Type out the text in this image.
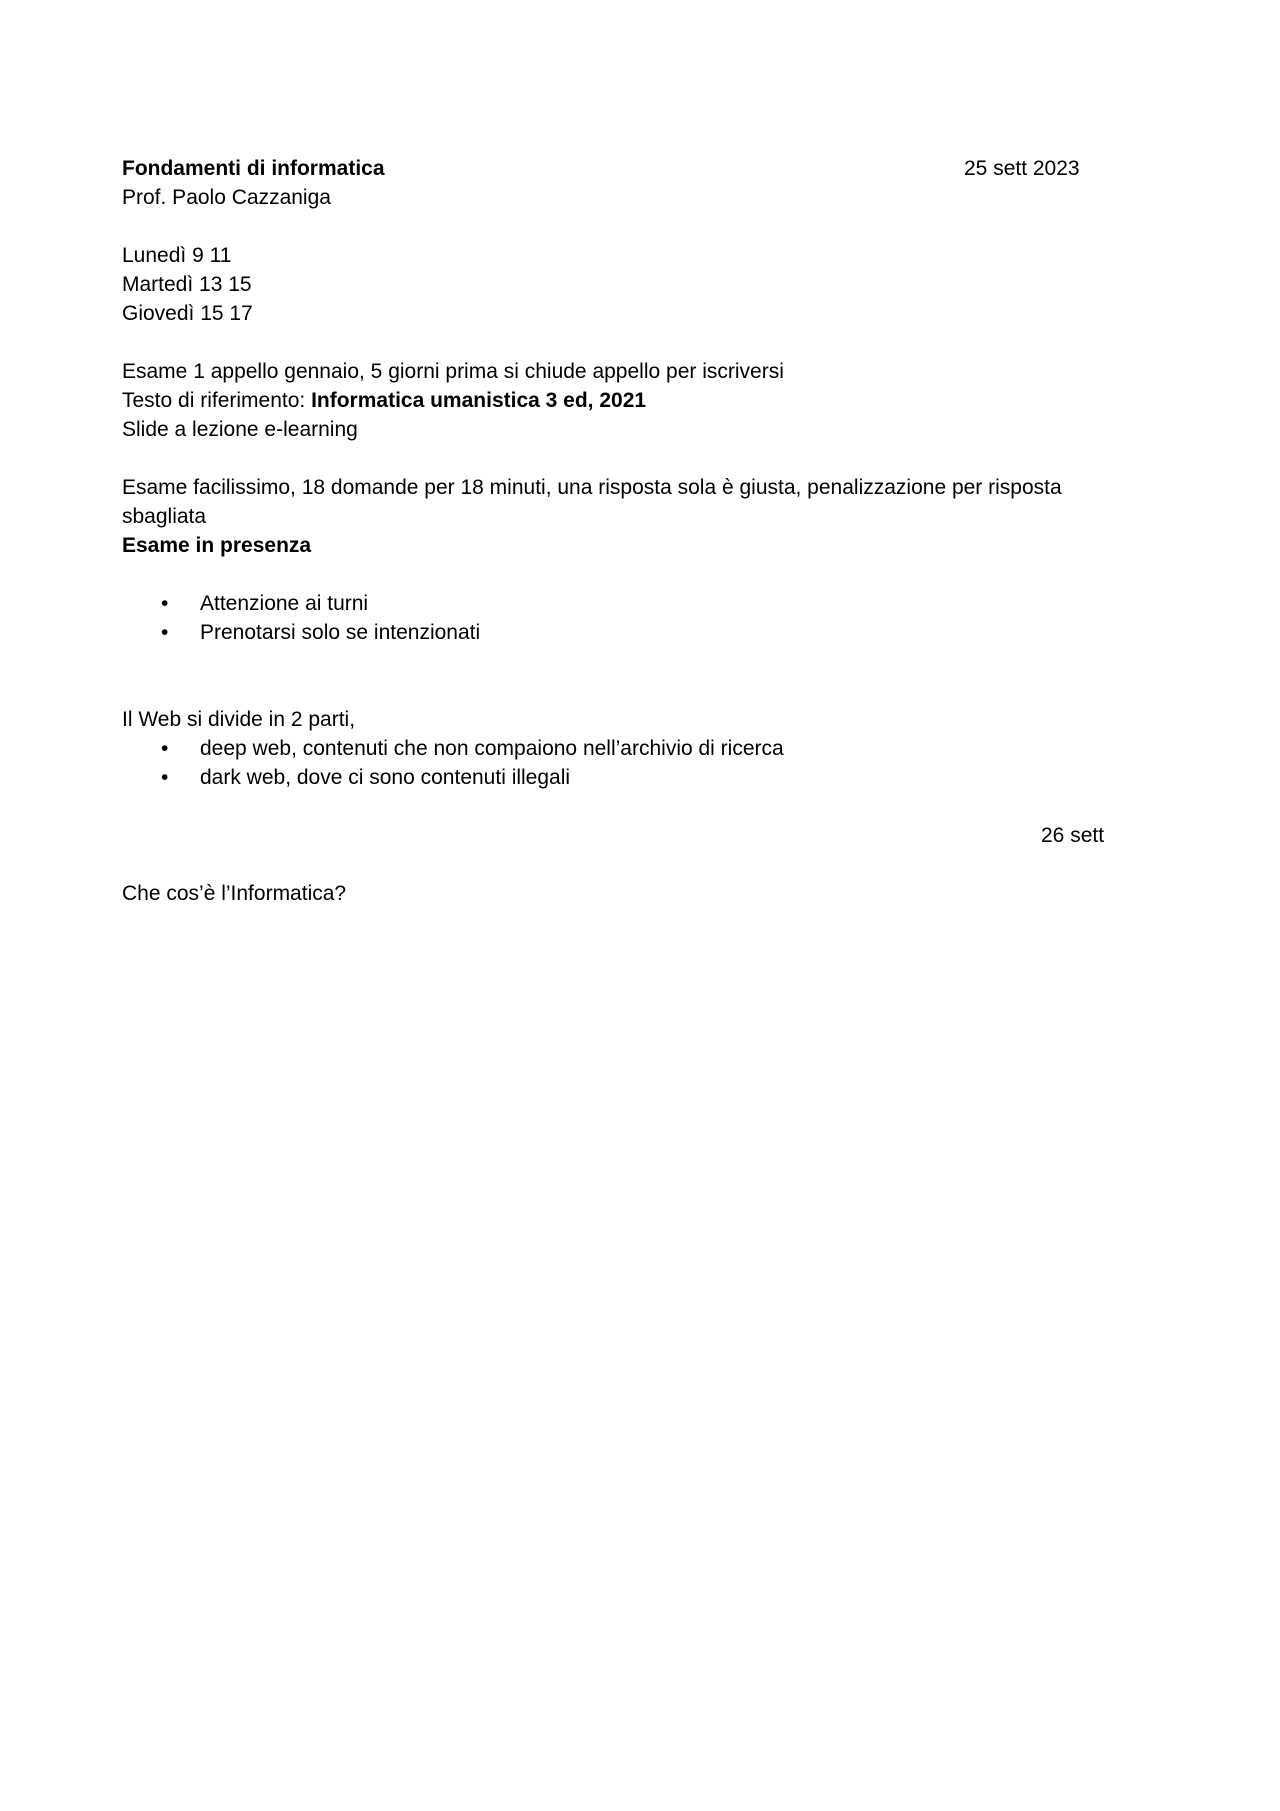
Fondamenti di informatica	25 sett 2023
Prof. Paolo Cazzaniga
Lunedì 9 11
Martedì 13 15
Giovedì 15 17
Esame 1 appello gennaio, 5 giorni prima si chiude appello per iscriversi
Testo di riferimento: Informatica umanistica 3 ed, 2021
Slide a lezione e-learning
Esame facilissimo, 18 domande per 18 minuti, una risposta sola è giusta, penalizzazione per risposta
sbagliata
Esame in presenza
• Attenzione ai turni
• Prenotarsi solo se intenzionati
Il Web si divide in 2 parti,
• deep web, contenuti che non compaiono nell’archivio di ricerca
• dark web, dove ci sono contenuti illegali
26 sett
Che cos’è l’Informatica?
